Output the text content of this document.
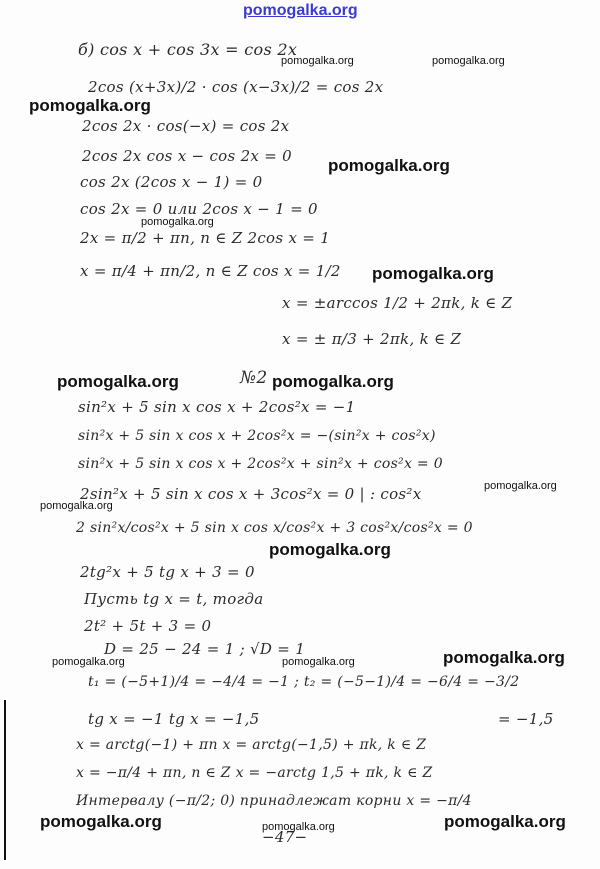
pomogalka.org
б) cos x + cos 3x = cos 2x
2cos (x+3x)/2 · cos (x−3x)/2 = cos 2x
2cos 2x · cos(−x) = cos 2x
2cos 2x cos x − cos 2x = 0
cos 2x (2cos x − 1) = 0
cos 2x = 0 или 2cos x − 1 = 0
2x = π/2 + πn, n ∈ Z 2cos x = 1
x = π/4 + πn/2, n ∈ Z cos x = 1/2
x = ±arccos 1/2 + 2πk, k ∈ Z
x = ± π/3 + 2πk, k ∈ Z
№2
sin²x + 5 sin x cos x + 2cos²x = −1
sin²x + 5 sin x cos x + 2cos²x = −(sin²x + cos²x)
sin²x + 5 sin x cos x + 2cos²x + sin²x + cos²x = 0
2sin²x + 5 sin x cos x + 3cos²x = 0 | : cos²x
2 sin²x/cos²x + 5 sin x cos x/cos²x + 3 cos²x/cos²x = 0
2tg²x + 5 tg x + 3 = 0
Пусть tg x = t, тогда
2t² + 5t + 3 = 0
D = 25 − 24 = 1 ; √D = 1
t₁ = (−5+1)/4 = −4/4 = −1 ; t₂ = (−5−1)/4 = −6/4 = −3/2
= −1,5
tg x = −1 tg x = −1,5
x = arctg(−1) + πn x = arctg(−1,5) + πk, k ∈ Z
x = −π/4 + πn, n ∈ Z x = −arctg 1,5 + πk, k ∈ Z
Интервалу (−π/2; 0) принадлежат корни x = −π/4
−47−
pomogalka.org	pomogalka.org
pomogalka.org
pomogalka.org
pomogalka.org
pomogalka.org
pomogalka.org	pomogalka.org
pomogalka.org
pomogalka.org
pomogalka.org
pomogalka.org
pomogalka.org	pomogalka.org
pomogalka.org	pomogalka.org
pomogalka.org
